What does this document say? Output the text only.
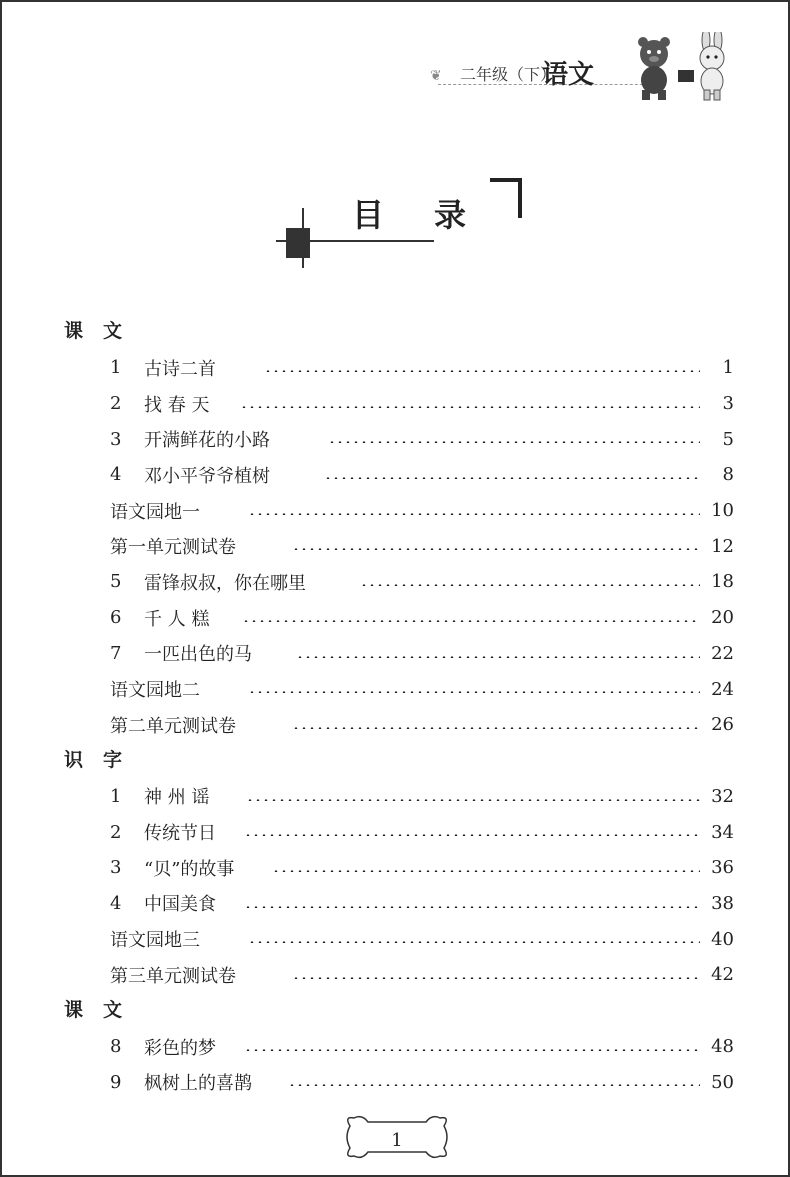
❦ 二年级（下）
语文
目录
课文
1	古诗二首	1
2	找 春 天	3
3	开满鲜花的小路	5
4	邓小平爷爷植树	8
语文园地一	10
第一单元测试卷	12
5	雷锋叔叔，你在哪里	18
6	千 人 糕	20
7	一匹出色的马	22
语文园地二	24
第二单元测试卷	26
识字
1	神 州 谣	32
2	传统节日	34
3	“贝”的故事	36
4	中国美食	38
语文园地三	40
第三单元测试卷	42
课文
8	彩色的梦	48
9	枫树上的喜鹊	50
1
